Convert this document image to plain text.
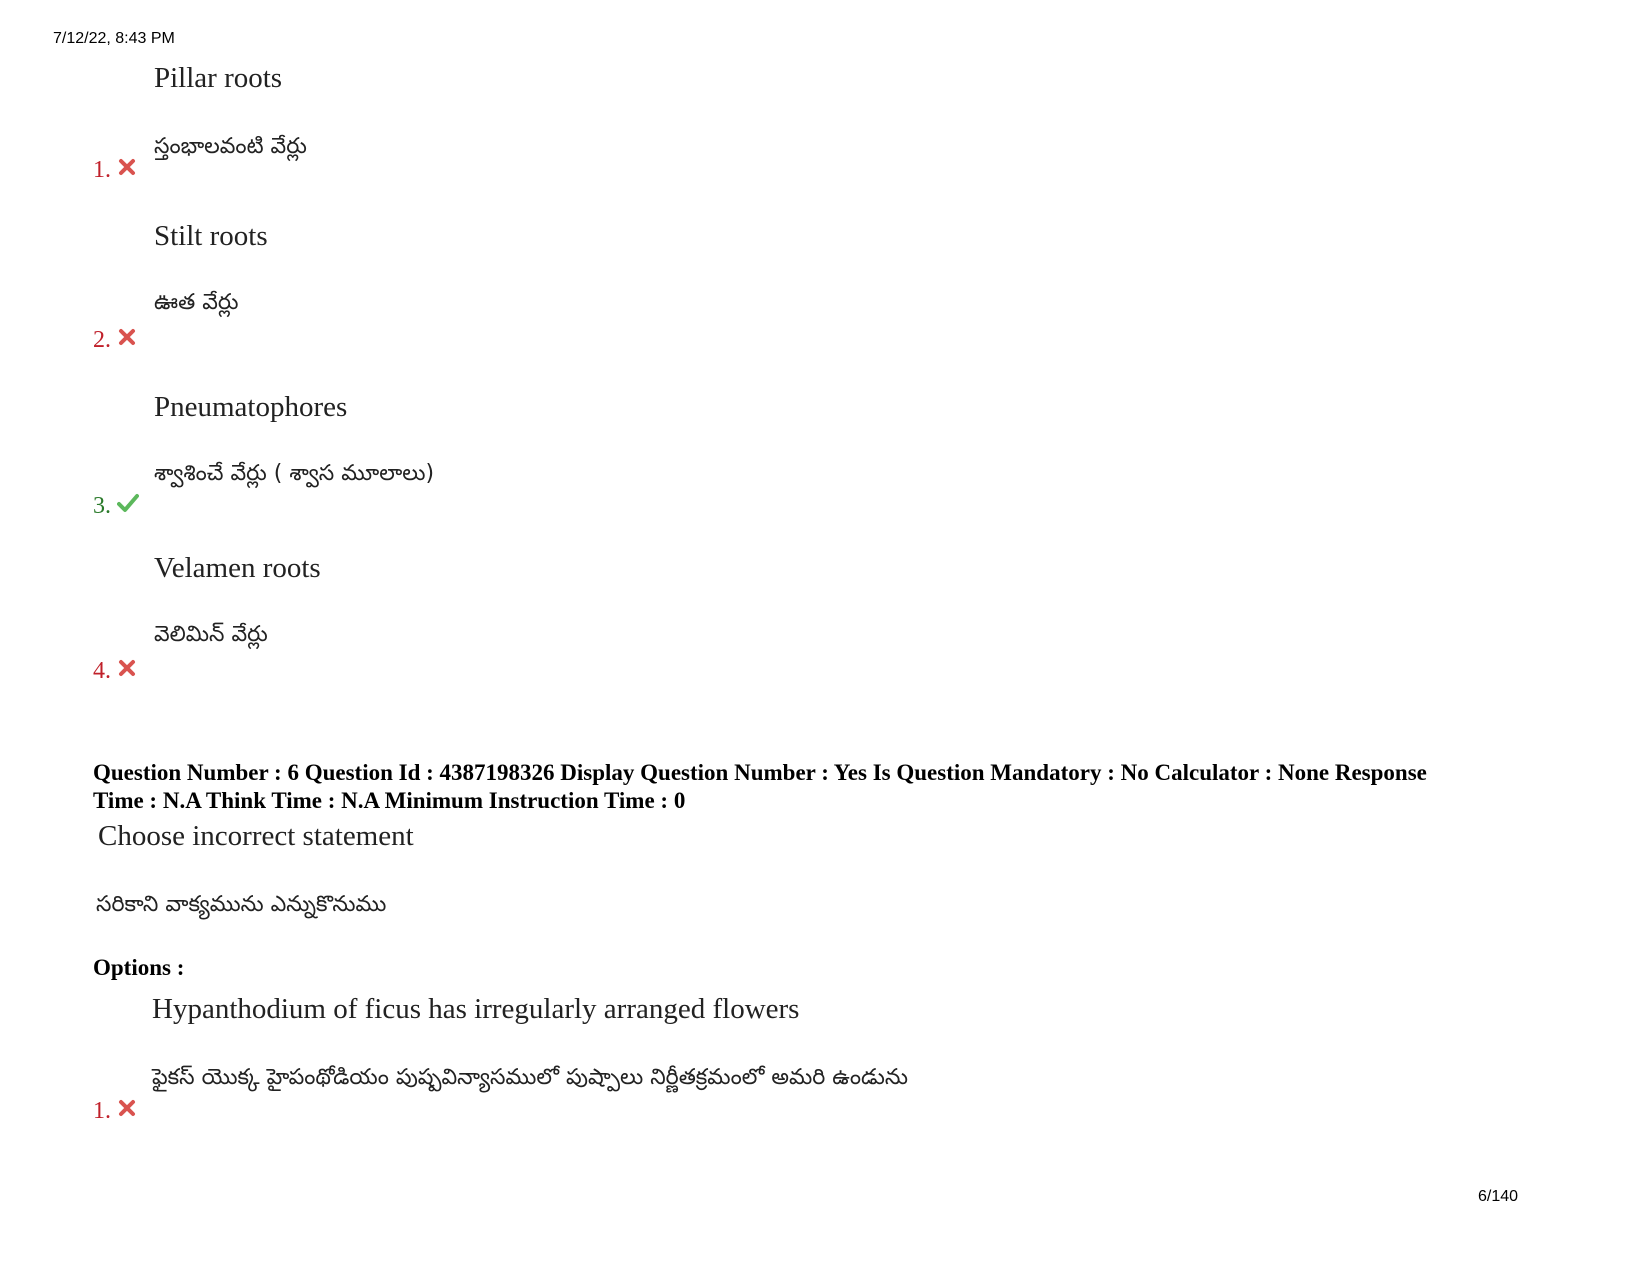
7/12/22, 8:43 PM
Pillar roots
స్తంభాలవంటి వేర్లు
1.
Stilt roots
ఊత వేర్లు
2.
Pneumatophores
శ్వాశించే వేర్లు ( శ్వాస మూలాలు)
3.
Velamen roots
వెలిమిన్ వేర్లు
4.
Question Number : 6 Question Id : 4387198326 Display Question Number : Yes Is Question Mandatory : No Calculator : None Response
Time : N.A Think Time : N.A Minimum Instruction Time : 0
Choose incorrect statement
సరికాని వాక్యమును ఎన్నుకొనుము
Options :
Hypanthodium of ficus has irregularly arranged flowers
ఫైకస్ యొక్క హైపంథోడియం పుష్పవిన్యాసములో పుష్పాలు నిర్ణీతక్రమంలో అమరి ఉండును
1.
6/140
